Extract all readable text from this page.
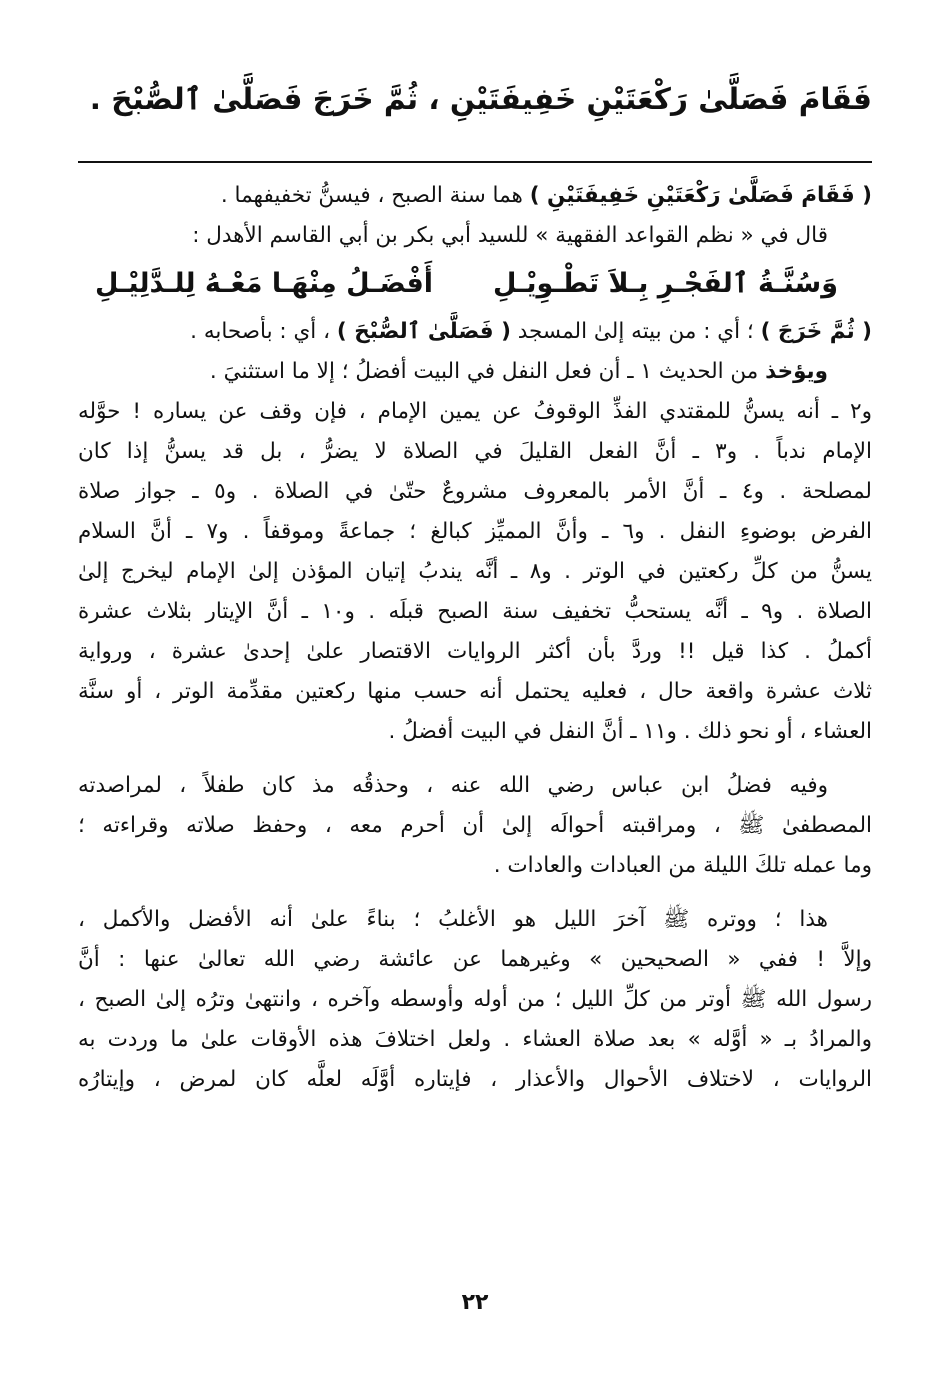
فَقَامَ فَصَلَّىٰ رَكْعَتَيْنِ خَفِيفَتَيْنِ ، ثُمَّ خَرَجَ فَصَلَّىٰ ٱلصُّبْحَ .
( فَقَامَ فَصَلَّىٰ رَكْعَتَيْنِ خَفِيفَتَيْنِ ) هما سنة الصبح ، فيسنُّ تخفيفهما .
قال في « نظم القواعد الفقهية » للسيد أبي بكر بن أبي القاسم الأهدل :
وَسُنَّـةُ ٱلفَجْـرِ بِـلاَ تَطْـوِيْـلِأَفْضَـلُ مِنْهَـا مَعْـهُ لِلـدَّلِيْـلِ
( ثُمَّ خَرَجَ ) ؛ أي : من بيته إلىٰ المسجد ( فَصَلَّىٰ ٱلصُّبْحَ ) ، أي : بأصحابه .
ويؤخذ من الحديث ١ ـ أن فعل النفل في البيت أفضلُ ؛ إلا ما استثنيَ .
و٢ ـ أنه يسنُّ للمقتدي الفذِّ الوقوفُ عن يمين الإمام ، فإن وقف عن يساره ! حوَّله
الإمام ندباً . و٣ ـ أنَّ الفعل القليلَ في الصلاة لا يضرُّ ، بل قد يسنُّ إذا كان
لمصلحة . و٤ ـ أنَّ الأمر بالمعروف مشروعٌ حتّىٰ في الصلاة . و٥ ـ جواز صلاة
الفرض بوضوءِ النفل . و٦ ـ وأنَّ المميِّز كبالغ ؛ جماعةً وموقفاً . و٧ ـ أنَّ السلام
يسنُّ من كلِّ ركعتين في الوتر . و٨ ـ أنَّه يندبُ إتيان المؤذن إلىٰ الإمام ليخرج إلىٰ
الصلاة . و٩ ـ أنَّه يستحبُّ تخفيف سنة الصبح قبلَه . و١٠ ـ أنَّ الإيتار بثلاث عشرة
أكملُ . كذا قيل !! وردَّ بأن أكثر الروايات الاقتصار علىٰ إحدىٰ عشرة ، ورواية
ثلاث عشرة واقعة حال ، فعليه يحتمل أنه حسب منها ركعتين مقدِّمة الوتر ، أو سنَّة
العشاء ، أو نحو ذلك . و١١ ـ أنَّ النفل في البيت أفضلُ .
وفيه فضلُ ابن عباس رضي الله عنه ، وحذقُه مذ كان طفلاً ، لمراصدته
المصطفىٰ ﷺ ، ومراقبته أحوالَه إلىٰ أن أحرم معه ، وحفظ صلاته وقراءته ؛
وما عمله تلكَ الليلة من العبادات والعادات .
هذا ؛ ووتره ﷺ آخرَ الليل هو الأغلبُ ؛ بناءً علىٰ أنه الأفضل والأكمل ،
وإلاَّ ! ففي « الصحيحين » وغيرهما عن عائشة رضي الله تعالىٰ عنها : أنَّ
رسول الله ﷺ أوتر من كلِّ الليل ؛ من أوله وأوسطه وآخره ، وانتهىٰ وترُه إلىٰ الصبح ،
والمرادُ بـ « أوَّله » بعد صلاة العشاء . ولعل اختلافَ هذه الأوقات علىٰ ما وردت به
الروايات ، لاختلاف الأحوال والأعذار ، فإيتاره أوَّلَه لعلَّه كان لمرض ، وإيتارُه
٢٢
